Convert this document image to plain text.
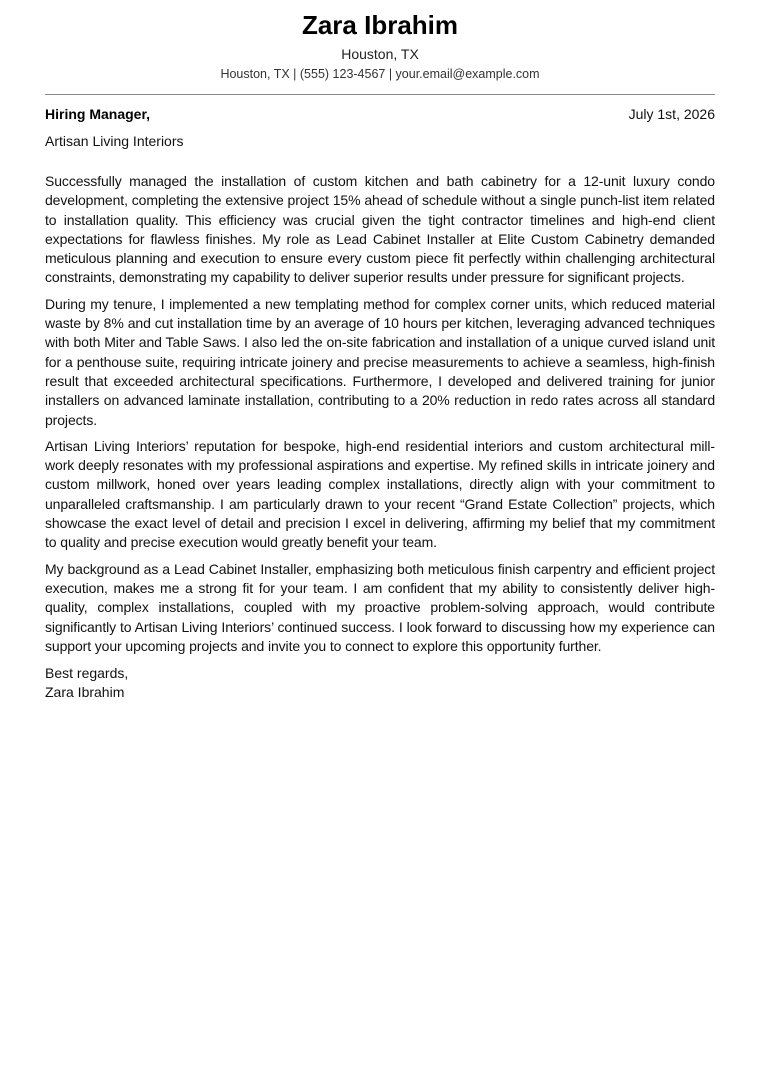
Zara Ibrahim
Houston, TX
Houston, TX | (555) 123-4567 | your.email@example.com
Hiring Manager,	July 1st, 2026
Artisan Living Interiors

Successfully managed the installation of custom kitchen and bath cabinetry for a 12-unit luxury condo development, completing the extensive project 15% ahead of schedule without a single punch-list item related to installation quality. This efficiency was crucial given the tight contractor timelines and high-end client expectations for flawless finishes. My role as Lead Cabinet Installer at Elite Custom Cabinetry demanded meticulous planning and execution to ensure every custom piece fit perfectly within challenging architectural constraints, demonstrating my capability to deliver superior results under pressure for significant projects.

During my tenure, I implemented a new templating method for complex corner units, which reduced material waste by 8% and cut installation time by an average of 10 hours per kitchen, leveraging advanced techniques with both Miter and Table Saws. I also led the on-site fabrication and installation of a unique curved island unit for a penthouse suite, requiring intricate joinery and precise measurements to achieve a seamless, high-finish result that exceeded architectural specifications. Furthermore, I developed and delivered training for junior installers on advanced laminate installation, contributing to a 20% reduction in redo rates across all standard projects.

Artisan Living Interiors’ reputation for bespoke, high-end residential interiors and custom architectural mill-work deeply resonates with my professional aspirations and expertise. My refined skills in intricate joinery and custom millwork, honed over years leading complex installations, directly align with your commitment to unparalleled craftsmanship. I am particularly drawn to your recent “Grand Estate Collection” projects, which showcase the exact level of detail and precision I excel in delivering, affirming my belief that my commitment to quality and precise execution would greatly benefit your team.

My background as a Lead Cabinet Installer, emphasizing both meticulous finish carpentry and efficient project execution, makes me a strong fit for your team. I am confident that my ability to consistently deliver high-quality, complex installations, coupled with my proactive problem-solving approach, would contribute significantly to Artisan Living Interiors’ continued success. I look forward to discussing how my experience can support your upcoming projects and invite you to connect to explore this opportunity further.

Best regards,
Zara Ibrahim
